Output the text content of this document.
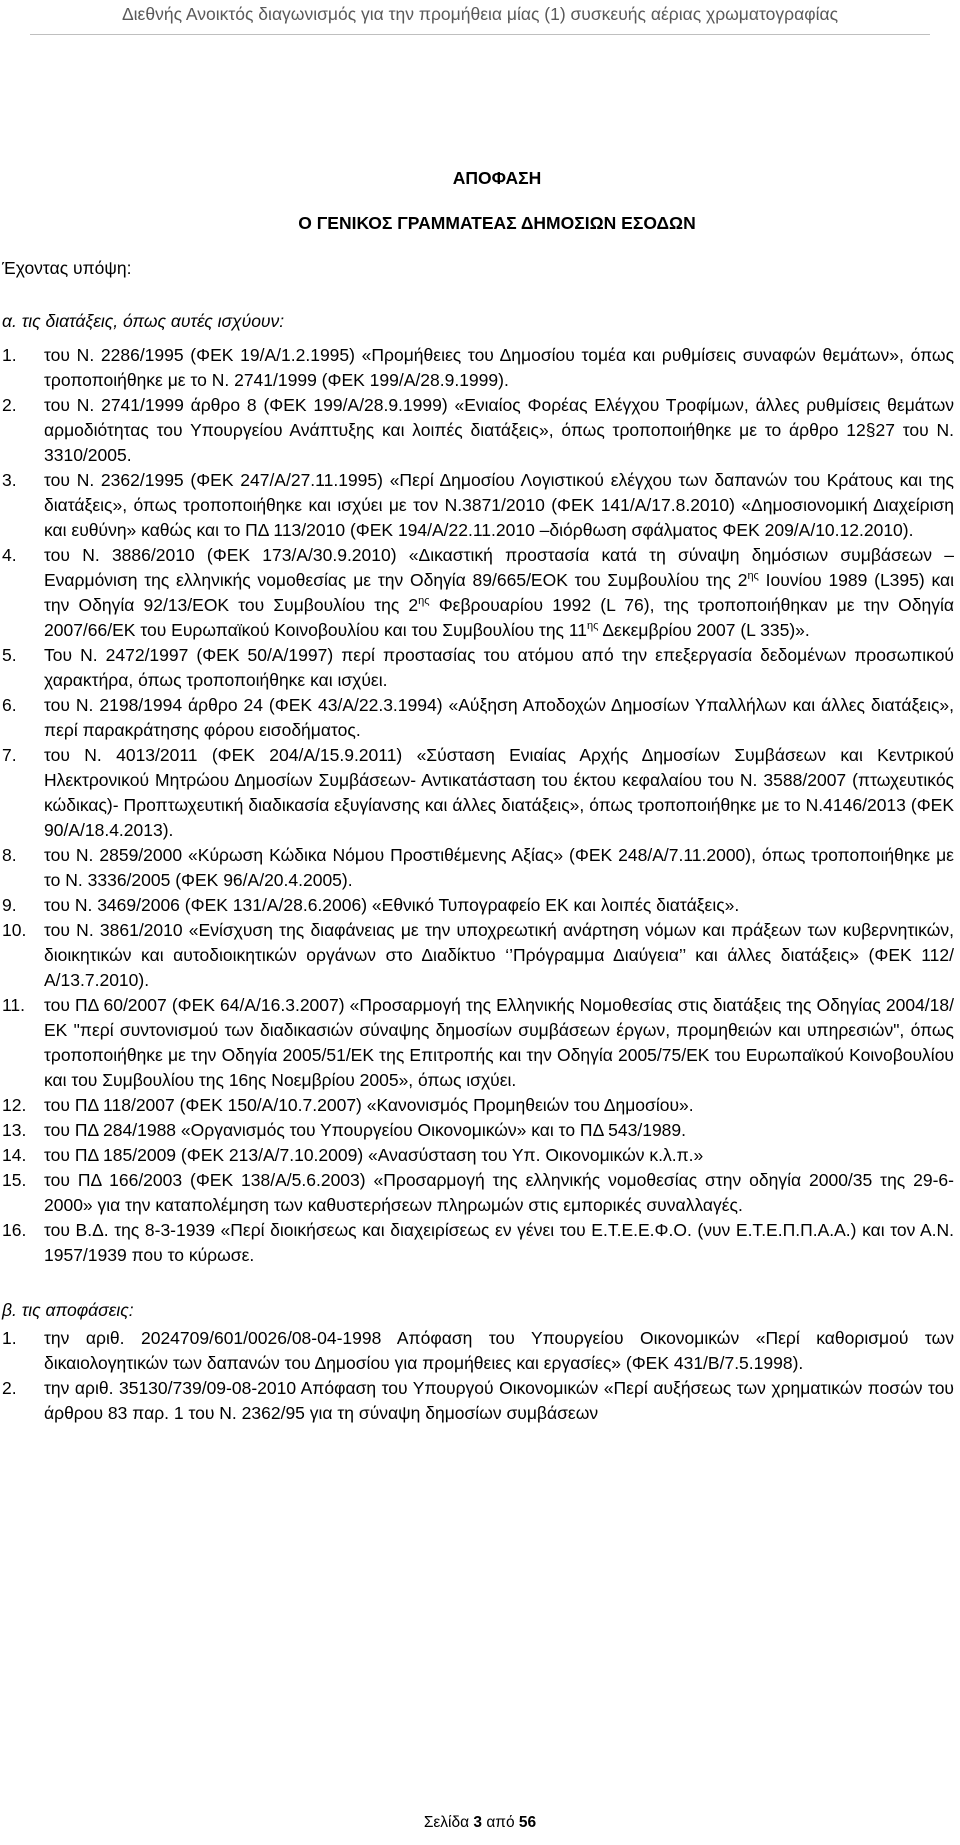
Διεθνής Ανοικτός διαγωνισμός για την προμήθεια μίας (1) συσκευής αέριας χρωματογραφίας
ΑΠΟΦΑΣΗ
Ο ΓΕΝΙΚΟΣ ΓΡΑΜΜΑΤΕΑΣ ΔΗΜΟΣΙΩΝ ΕΣΟΔΩΝ
Έχοντας υπόψη:
α. τις διατάξεις, όπως αυτές ισχύουν:
1. του Ν. 2286/1995 (ΦΕΚ 19/Α/1.2.1995) «Προμήθειες του Δημοσίου τομέα και ρυθμίσεις συναφών θεμάτων», όπως τροποποιήθηκε με το Ν. 2741/1999 (ΦΕΚ 199/Α/28.9.1999).
2. του Ν. 2741/1999 άρθρο 8 (ΦΕΚ 199/Α/28.9.1999) «Ενιαίος Φορέας Ελέγχου Τροφίμων, άλλες ρυθμίσεις θεμάτων αρμοδιότητας του Υπουργείου Ανάπτυξης και λοιπές διατάξεις», όπως τροποποιήθηκε με το άρθρο 12§27 του Ν. 3310/2005.
3. του Ν. 2362/1995 (ΦΕΚ 247/Α/27.11.1995) «Περί Δημοσίου Λογιστικού ελέγχου των δαπανών του Κράτους και της διατάξεις», όπως τροποποιήθηκε και ισχύει με τον Ν.3871/2010 (ΦΕΚ 141/Α/17.8.2010) «Δημοσιονομική Διαχείριση και ευθύνη» καθώς και το ΠΔ 113/2010 (ΦΕΚ 194/Α/22.11.2010 –διόρθωση σφάλματος ΦΕΚ 209/Α/10.12.2010).
4. του Ν. 3886/2010 (ΦΕΚ 173/Α/30.9.2010) «Δικαστική προστασία κατά τη σύναψη δημόσιων συμβάσεων – Εναρμόνιση της ελληνικής νομοθεσίας με την Οδηγία 89/665/ΕΟΚ του Συμβουλίου της $2^{\eta\varsigma}$ Ιουνίου 1989 (L395) και την Οδηγία 92/13/ΕΟΚ του Συμβουλίου της $2^{\eta\varsigma}$ Φεβρουαρίου 1992 (L 76), της τροποποιήθηκαν με την Οδηγία 2007/66/ΕΚ του Ευρωπαϊκού Κοινοβουλίου και του Συμβουλίου της $11^{\eta\varsigma}$ Δεκεμβρίου 2007 (L 335)».
5. Του Ν. 2472/1997 (ΦΕΚ 50/Α/1997) περί προστασίας του ατόμου από την επεξεργασία δεδομένων προσωπικού χαρακτήρα, όπως τροποποιήθηκε και ισχύει.
6. του Ν. 2198/1994 άρθρο 24 (ΦΕΚ 43/Α/22.3.1994) «Αύξηση Αποδοχών Δημοσίων Υπαλλήλων και άλλες διατάξεις», περί παρακράτησης φόρου εισοδήματος.
7. του Ν. 4013/2011 (ΦΕΚ 204/Α/15.9.2011) «Σύσταση Ενιαίας Αρχής Δημοσίων Συμβάσεων και Κεντρικού Ηλεκτρονικού Μητρώου Δημοσίων Συμβάσεων- Αντικατάσταση του έκτου κεφαλαίου του Ν. 3588/2007 (πτωχευτικός κώδικας)- Προπτωχευτική διαδικασία εξυγίανσης και άλλες διατάξεις», όπως τροποποιήθηκε με το Ν.4146/2013 (ΦΕΚ 90/Α/18.4.2013).
8. του Ν. 2859/2000 «Κύρωση Κώδικα Νόμου Προστιθέμενης Αξίας» (ΦΕΚ 248/Α/7.11.2000), όπως τροποποιήθηκε με το Ν. 3336/2005 (ΦΕΚ 96/Α/20.4.2005).
9. του Ν. 3469/2006 (ΦΕΚ 131/Α/28.6.2006) «Εθνικό Τυπογραφείο ΕΚ και λοιπές διατάξεις».
10. του Ν. 3861/2010 «Ενίσχυση της διαφάνειας με την υποχρεωτική ανάρτηση νόμων και πράξεων των κυβερνητικών, διοικητικών και αυτοδιοικητικών οργάνων στο Διαδίκτυο ‘’Πρόγραμμα Διαύγεια’’ και άλλες διατάξεις» (ΦΕΚ 112/Α/13.7.2010).
11. του ΠΔ 60/2007 (ΦΕΚ 64/Α/16.3.2007) «Προσαρμογή της Ελληνικής Νομοθεσίας στις διατάξεις της Οδηγίας 2004/18/ΕΚ "περί συντονισμού των διαδικασιών σύναψης δημοσίων συμβάσεων έργων, προμηθειών και υπηρεσιών", όπως τροποποιήθηκε με την Οδηγία 2005/51/ΕΚ της Επιτροπής και την Οδηγία 2005/75/ΕΚ του Ευρωπαϊκού Κοινοβουλίου και του Συμβουλίου της 16ης Νοεμβρίου 2005», όπως ισχύει.
12. του ΠΔ 118/2007 (ΦΕΚ 150/Α/10.7.2007) «Κανονισμός Προμηθειών του Δημοσίου».
13. του ΠΔ 284/1988 «Οργανισμός του Υπουργείου Οικονομικών» και το ΠΔ 543/1989.
14. του ΠΔ 185/2009 (ΦΕΚ 213/Α/7.10.2009) «Ανασύσταση του Υπ. Οικονομικών κ.λ.π.»
15. του ΠΔ 166/2003 (ΦΕΚ 138/Α/5.6.2003) «Προσαρμογή της ελληνικής νομοθεσίας στην οδηγία 2000/35 της 29-6-2000» για την καταπολέμηση των καθυστερήσεων πληρωμών στις εμπορικές συναλλαγές.
16. του Β.Δ. της 8-3-1939 «Περί διοικήσεως και διαχειρίσεως εν γένει του Ε.Τ.Ε.Ε.Φ.Ο. (νυν Ε.Τ.Ε.Π.Π.Α.Α.) και τον Α.Ν. 1957/1939 που το κύρωσε.
β. τις αποφάσεις:
1. την αριθ. 2024709/601/0026/08-04-1998 Απόφαση του Υπουργείου Οικονομικών «Περί καθορισμού των δικαιολογητικών των δαπανών του Δημοσίου για προμήθειες και εργασίες» (ΦΕΚ 431/Β/7.5.1998).
2. την αριθ. 35130/739/09-08-2010 Απόφαση του Υπουργού Οικονομικών «Περί αυξήσεως των χρηματικών ποσών του άρθρου 83 παρ. 1 του Ν. 2362/95 για τη σύναψη δημοσίων συμβάσεων
Σελίδα 3 από 56
